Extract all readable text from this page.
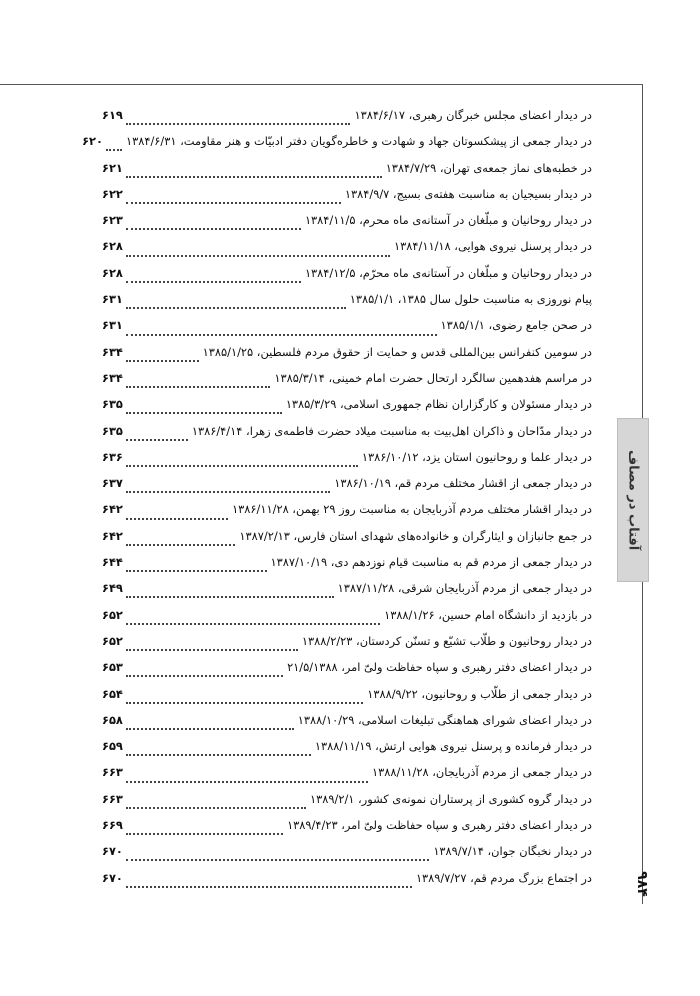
آفتاب در مصاف
۹۸۴
در دیدار اعضای مجلس خبرگان رهبری، ۱۳۸۴/۶/۱۷
۶۱۹
در دیدار جمعی از پیشکسوتان جهاد و شهادت و خاطره‌گویان دفتر ادبیّات و هنر مقاومت، ۱۳۸۴/۶/۳۱
۶۲۰
در خطبه‌های نماز جمعه‌ی تهران، ۱۳۸۴/۷/۲۹
۶۲۱
در دیدار بسیجیان به مناسبت هفته‌ی بسیج، ۱۳۸۴/۹/۷
۶۲۲
در دیدار روحانیان و مبلّغان در آستانه‌ی ماه محرم، ۱۳۸۴/۱۱/۵
۶۲۳
در دیدار پرسنل نیروی هوایی، ۱۳۸۴/۱۱/۱۸
۶۲۸
در دیدار روحانیان و مبلّغان در آستانه‌ی ماه محرّم، ۱۳۸۴/۱۲/۵
۶۲۸
پیام نوروزی به مناسبت حلول سال ۱۳۸۵، ۱۳۸۵/۱/۱
۶۳۱
در صحن جامع رضوی، ۱۳۸۵/۱/۱
۶۳۱
در سومین کنفرانس بین‌المللی قدس و حمایت از حقوق مردم فلسطین، ۱۳۸۵/۱/۲۵
۶۳۴
در مراسم هفدهمین سالگرد ارتحال حضرت امام خمینی، ۱۳۸۵/۳/۱۴
۶۳۴
در دیدار مسئولان و کارگزاران نظام جمهوری اسلامی، ۱۳۸۵/۳/۲۹
۶۳۵
در دیدار مدّاحان و ذاکران اهل‌بیت به مناسبت میلاد حضرت فاطمه‌ی زهرا، ۱۳۸۶/۴/۱۴
۶۳۵
در دیدار علما و روحانیون استان یزد، ۱۳۸۶/۱۰/۱۲
۶۳۶
در دیدار جمعی از اقشار مختلف مردم قم، ۱۳۸۶/۱۰/۱۹
۶۳۷
در دیدار اقشار مختلف مردم آذربایجان به مناسبت روز ۲۹ بهمن، ۱۳۸۶/۱۱/۲۸
۶۴۲
در جمع جانبازان و ایثارگران و خانواده‌های شهدای استان فارس، ۱۳۸۷/۲/۱۳
۶۴۲
در دیدار جمعی از مردم قم به مناسبت قیام نوزدهم دی، ۱۳۸۷/۱۰/۱۹
۶۴۴
در دیدار جمعی از مردم آذربایجان شرقی، ۱۳۸۷/۱۱/۲۸
۶۴۹
در بازدید از دانشگاه امام حسین، ۱۳۸۸/۱/۲۶
۶۵۲
در دیدار روحانیون و طلّاب تشیّع و تسنّن کردستان، ۱۳۸۸/۲/۲۳
۶۵۲
در دیدار اعضای دفتر رهبری و سپاه حفاظت ولیّ امر، ۲۱/۵/۱۳۸۸
۶۵۳
در دیدار جمعی از طلّاب و روحانیون، ۱۳۸۸/۹/۲۲
۶۵۴
در دیدار اعضای شورای هماهنگی تبلیغات اسلامی، ۱۳۸۸/۱۰/۲۹
۶۵۸
در دیدار فرمانده و پرسنل نیروی هوایی ارتش، ۱۳۸۸/۱۱/۱۹
۶۵۹
در دیدار جمعی از مردم آذربایجان، ۱۳۸۸/۱۱/۲۸
۶۶۳
در دیدار گروه کشوری از پرستاران نمونه‌ی کشور، ۱۳۸۹/۲/۱
۶۶۳
در دیدار اعضای دفتر رهبری و سپاه حفاظت ولیّ امر، ۱۳۸۹/۴/۲۳
۶۶۹
در دیدار نخبگان جوان، ۱۳۸۹/۷/۱۴
۶۷۰
در اجتماع بزرگ مردم قم، ۱۳۸۹/۷/۲۷
۶۷۰
